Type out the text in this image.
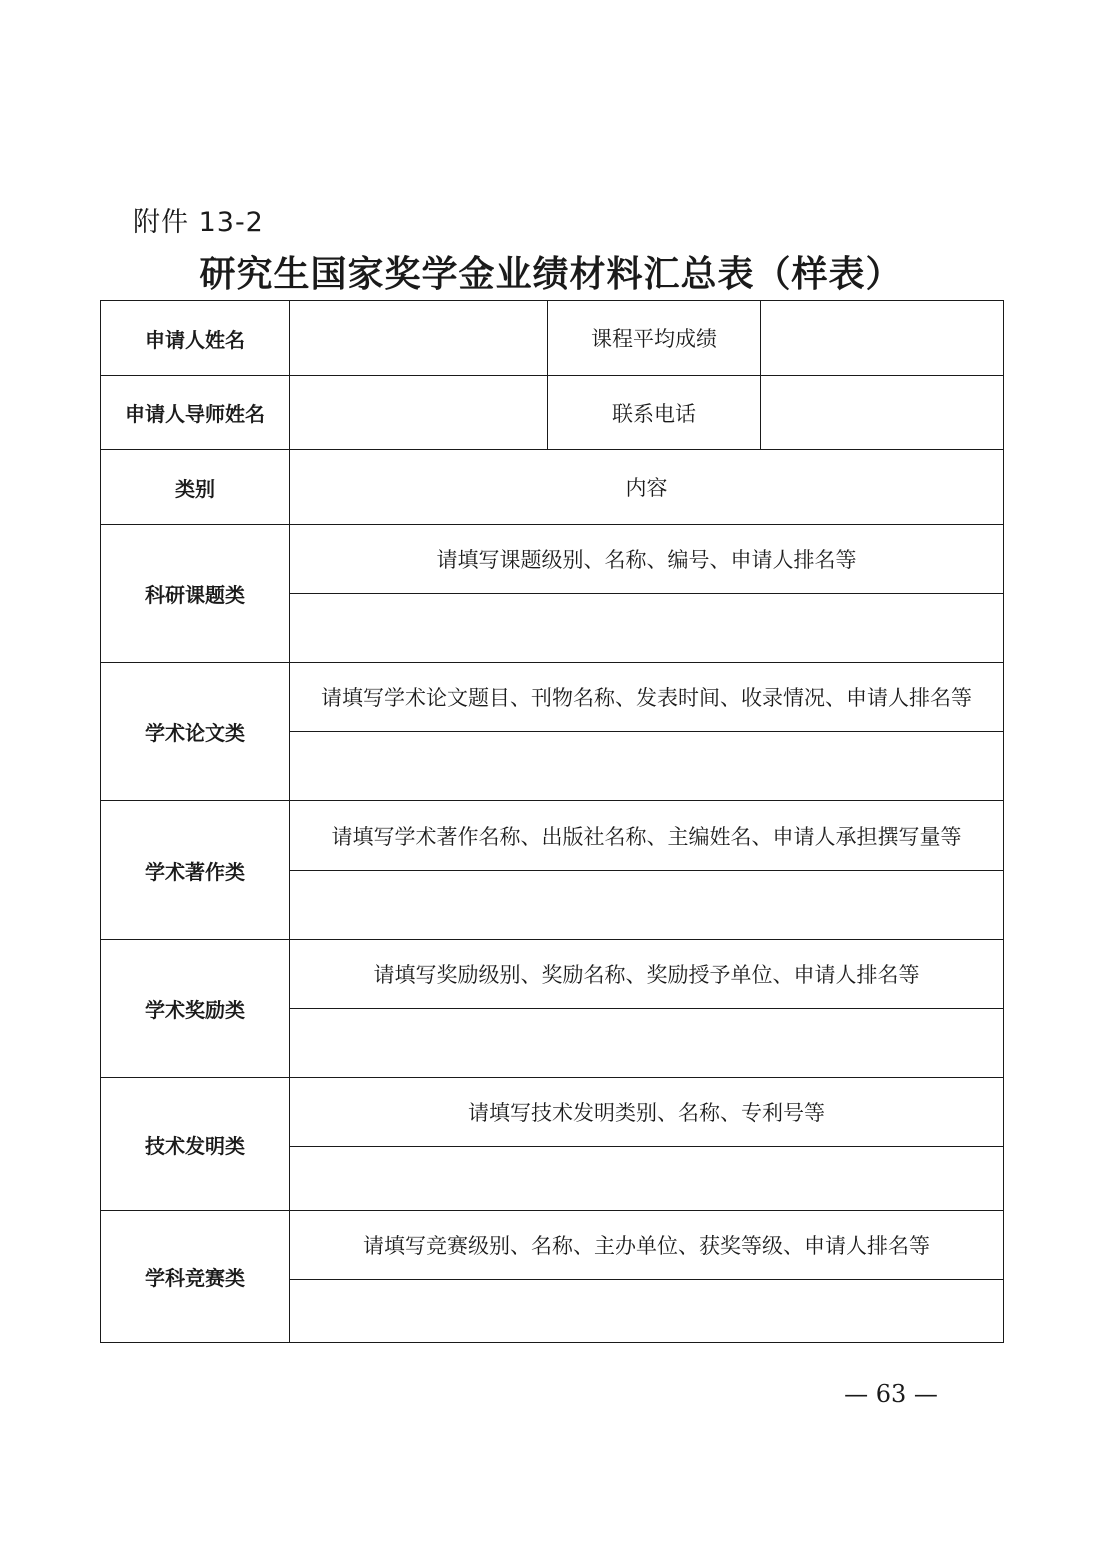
附件 13-2
研究生国家奖学金业绩材料汇总表（样表）
申请人姓名		课程平均成绩	
申请人导师姓名		联系电话	
类别	内容		
科研课题类	请填写课题级别、名称、编号、申请人排名等		

学术论文类	请填写学术论文题目、刊物名称、发表时间、收录情况、申请人排名等		

学术著作类	请填写学术著作名称、出版社名称、主编姓名、申请人承担撰写量等		

学术奖励类	请填写奖励级别、奖励名称、奖励授予单位、申请人排名等		

技术发明类	请填写技术发明类别、名称、专利号等		

学科竞赛类	请填写竞赛级别、名称、主办单位、获奖等级、申请人排名等		

— 63 —
